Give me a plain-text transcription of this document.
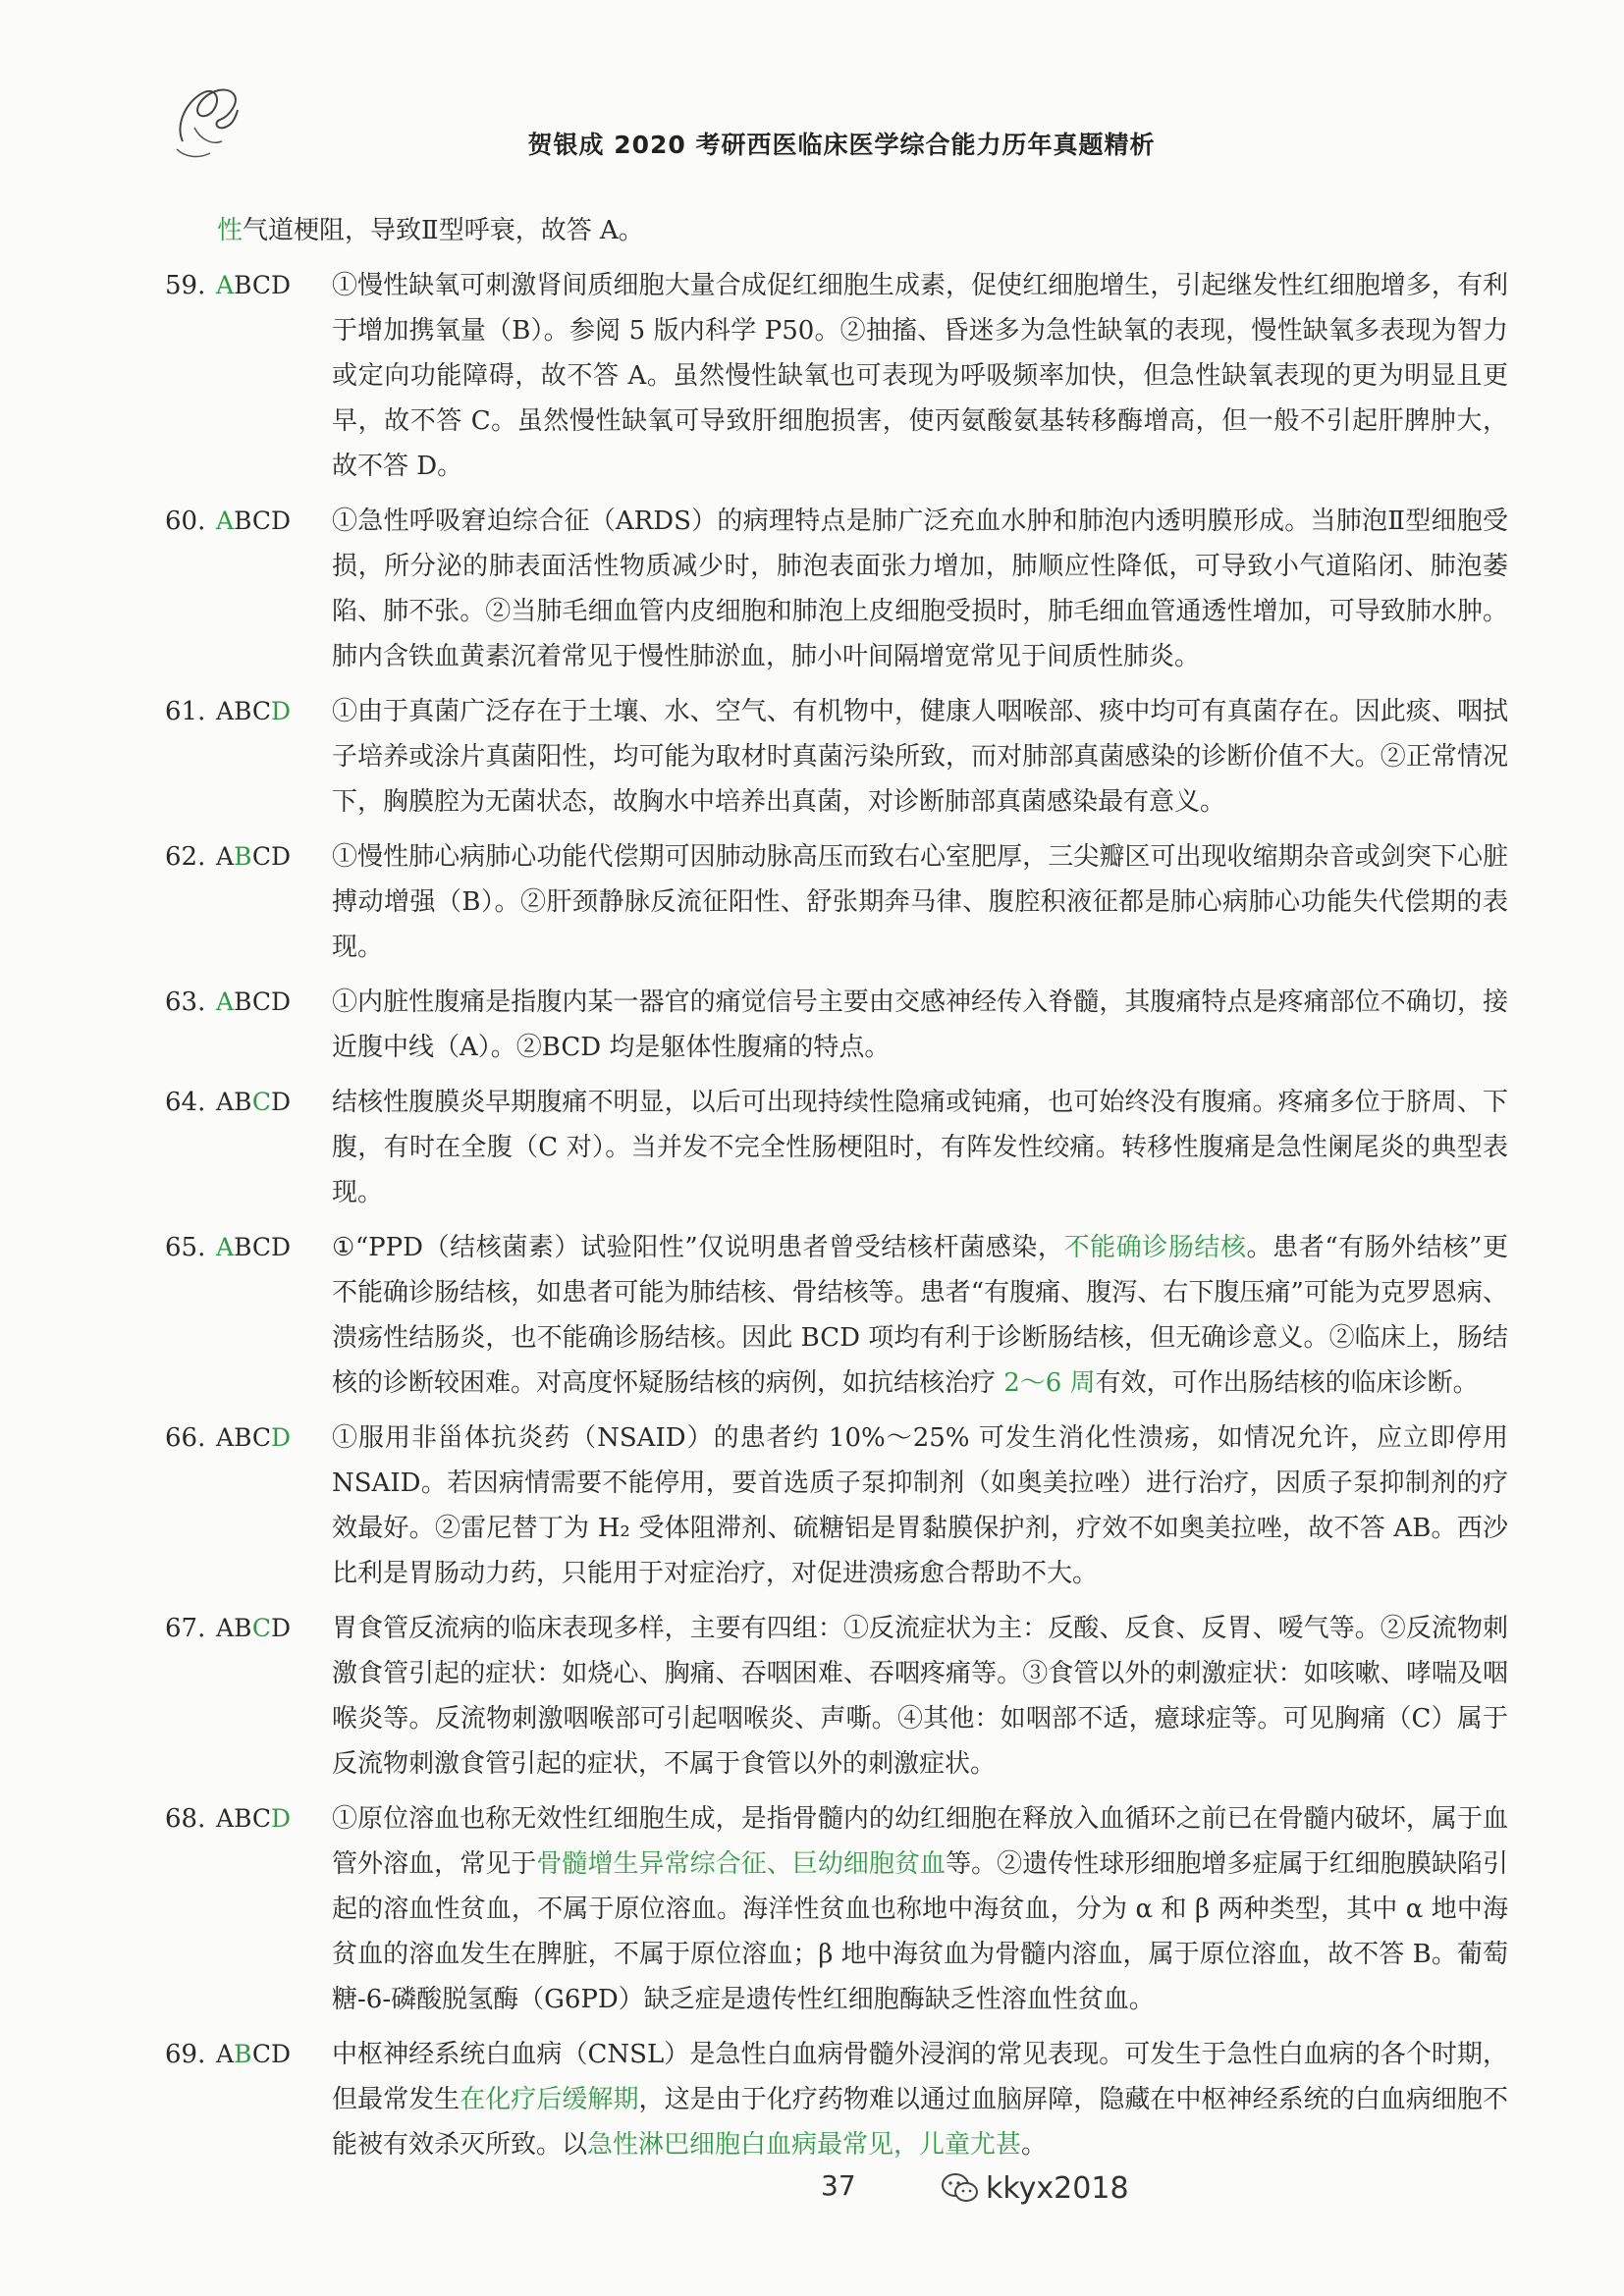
贺银成 2020 考研西医临床医学综合能力历年真题精析
性气道梗阻，导致Ⅱ型呼衰，故答 A。
59. ABCD	①慢性缺氧可刺激肾间质细胞大量合成促红细胞生成素，促使红细胞增生，引起继发性红细胞增多，有利于增加携氧量（B）。参阅 5 版内科学 P50。②抽搐、昏迷多为急性缺氧的表现，慢性缺氧多表现为智力或定向功能障碍，故不答 A。虽然慢性缺氧也可表现为呼吸频率加快，但急性缺氧表现的更为明显且更早，故不答 C。虽然慢性缺氧可导致肝细胞损害，使丙氨酸氨基转移酶增高，但一般不引起肝脾肿大，故不答 D。
60. ABCD	①急性呼吸窘迫综合征（ARDS）的病理特点是肺广泛充血水肿和肺泡内透明膜形成。当肺泡Ⅱ型细胞受损，所分泌的肺表面活性物质减少时，肺泡表面张力增加，肺顺应性降低，可导致小气道陷闭、肺泡萎陷、肺不张。②当肺毛细血管内皮细胞和肺泡上皮细胞受损时，肺毛细血管通透性增加，可导致肺水肿。肺内含铁血黄素沉着常见于慢性肺淤血，肺小叶间隔增宽常见于间质性肺炎。
61. ABCD	①由于真菌广泛存在于土壤、水、空气、有机物中，健康人咽喉部、痰中均可有真菌存在。因此痰、咽拭子培养或涂片真菌阳性，均可能为取材时真菌污染所致，而对肺部真菌感染的诊断价值不大。②正常情况下，胸膜腔为无菌状态，故胸水中培养出真菌，对诊断肺部真菌感染最有意义。
62. ABCD	①慢性肺心病肺心功能代偿期可因肺动脉高压而致右心室肥厚，三尖瓣区可出现收缩期杂音或剑突下心脏搏动增强（B）。②肝颈静脉反流征阳性、舒张期奔马律、腹腔积液征都是肺心病肺心功能失代偿期的表现。
63. ABCD	①内脏性腹痛是指腹内某一器官的痛觉信号主要由交感神经传入脊髓，其腹痛特点是疼痛部位不确切，接近腹中线（A）。②BCD 均是躯体性腹痛的特点。
64. ABCD	结核性腹膜炎早期腹痛不明显，以后可出现持续性隐痛或钝痛，也可始终没有腹痛。疼痛多位于脐周、下腹，有时在全腹（C 对）。当并发不完全性肠梗阻时，有阵发性绞痛。转移性腹痛是急性阑尾炎的典型表现。
65. ABCD	①“PPD（结核菌素）试验阳性”仅说明患者曾受结核杆菌感染，不能确诊肠结核。患者“有肠外结核”更不能确诊肠结核，如患者可能为肺结核、骨结核等。患者“有腹痛、腹泻、右下腹压痛”可能为克罗恩病、溃疡性结肠炎，也不能确诊肠结核。因此 BCD 项均有利于诊断肠结核，但无确诊意义。②临床上，肠结核的诊断较困难。对高度怀疑肠结核的病例，如抗结核治疗 2～6 周有效，可作出肠结核的临床诊断。
66. ABCD	①服用非甾体抗炎药（NSAID）的患者约 10%～25% 可发生消化性溃疡，如情况允许，应立即停用 NSAID。若因病情需要不能停用，要首选质子泵抑制剂（如奥美拉唑）进行治疗，因质子泵抑制剂的疗效最好。②雷尼替丁为 H₂ 受体阻滞剂、硫糖铝是胃黏膜保护剂，疗效不如奥美拉唑，故不答 AB。西沙比利是胃肠动力药，只能用于对症治疗，对促进溃疡愈合帮助不大。
67. ABCD	胃食管反流病的临床表现多样，主要有四组：①反流症状为主：反酸、反食、反胃、嗳气等。②反流物刺激食管引起的症状：如烧心、胸痛、吞咽困难、吞咽疼痛等。③食管以外的刺激症状：如咳嗽、哮喘及咽喉炎等。反流物刺激咽喉部可引起咽喉炎、声嘶。④其他：如咽部不适，癔球症等。可见胸痛（C）属于反流物刺激食管引起的症状，不属于食管以外的刺激症状。
68. ABCD	①原位溶血也称无效性红细胞生成，是指骨髓内的幼红细胞在释放入血循环之前已在骨髓内破坏，属于血管外溶血，常见于骨髓增生异常综合征、巨幼细胞贫血等。②遗传性球形细胞增多症属于红细胞膜缺陷引起的溶血性贫血，不属于原位溶血。海洋性贫血也称地中海贫血，分为 α 和 β 两种类型，其中 α 地中海贫血的溶血发生在脾脏，不属于原位溶血；β 地中海贫血为骨髓内溶血，属于原位溶血，故不答 B。葡萄糖-6-磷酸脱氢酶（G6PD）缺乏症是遗传性红细胞酶缺乏性溶血性贫血。
69. ABCD	中枢神经系统白血病（CNSL）是急性白血病骨髓外浸润的常见表现。可发生于急性白血病的各个时期，但最常发生在化疗后缓解期，这是由于化疗药物难以通过血脑屏障，隐藏在中枢神经系统的白血病细胞不能被有效杀灭所致。以急性淋巴细胞白血病最常见，儿童尤甚。
37	kkyx2018
